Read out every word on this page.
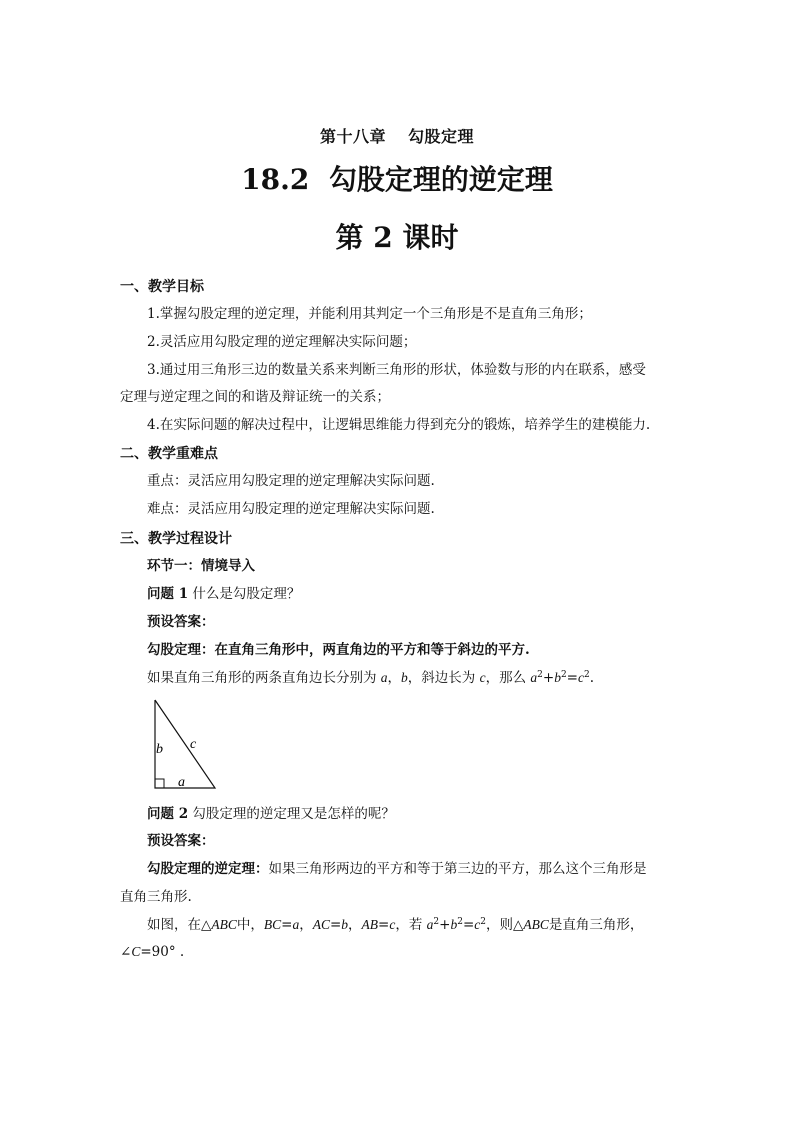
第十八章 勾股定理
18.2  勾股定理的逆定理
第 2 课时
一、教学目标
1.掌握勾股定理的逆定理，并能利用其判定一个三角形是不是直角三角形；
2.灵活应用勾股定理的逆定理解决实际问题；
3.通过用三角形三边的数量关系来判断三角形的形状，体验数与形的内在联系，感受
定理与逆定理之间的和谐及辩证统一的关系；
4.在实际问题的解决过程中，让逻辑思维能力得到充分的锻炼，培养学生的建模能力.
二、教学重难点
重点：灵活应用勾股定理的逆定理解决实际问题.
难点：灵活应用勾股定理的逆定理解决实际问题.
三、教学过程设计
环节一：情境导入
问题 1 什么是勾股定理？
预设答案：
勾股定理：在直角三角形中，两直角边的平方和等于斜边的平方.
如果直角三角形的两条直角边长分别为 a，b，斜边长为 c，那么 $a^2+b^2=c^2$.
b c
a
问题 2 勾股定理的逆定理又是怎样的呢？
预设答案：
勾股定理的逆定理：如果三角形两边的平方和等于第三边的平方，那么这个三角形是
直角三角形.
如图，在△ABC中，BC=a，AC=b，AB=c，若 $a^2+b^2=c^2$，则△ABC是直角三角形，
∠C=90° .
